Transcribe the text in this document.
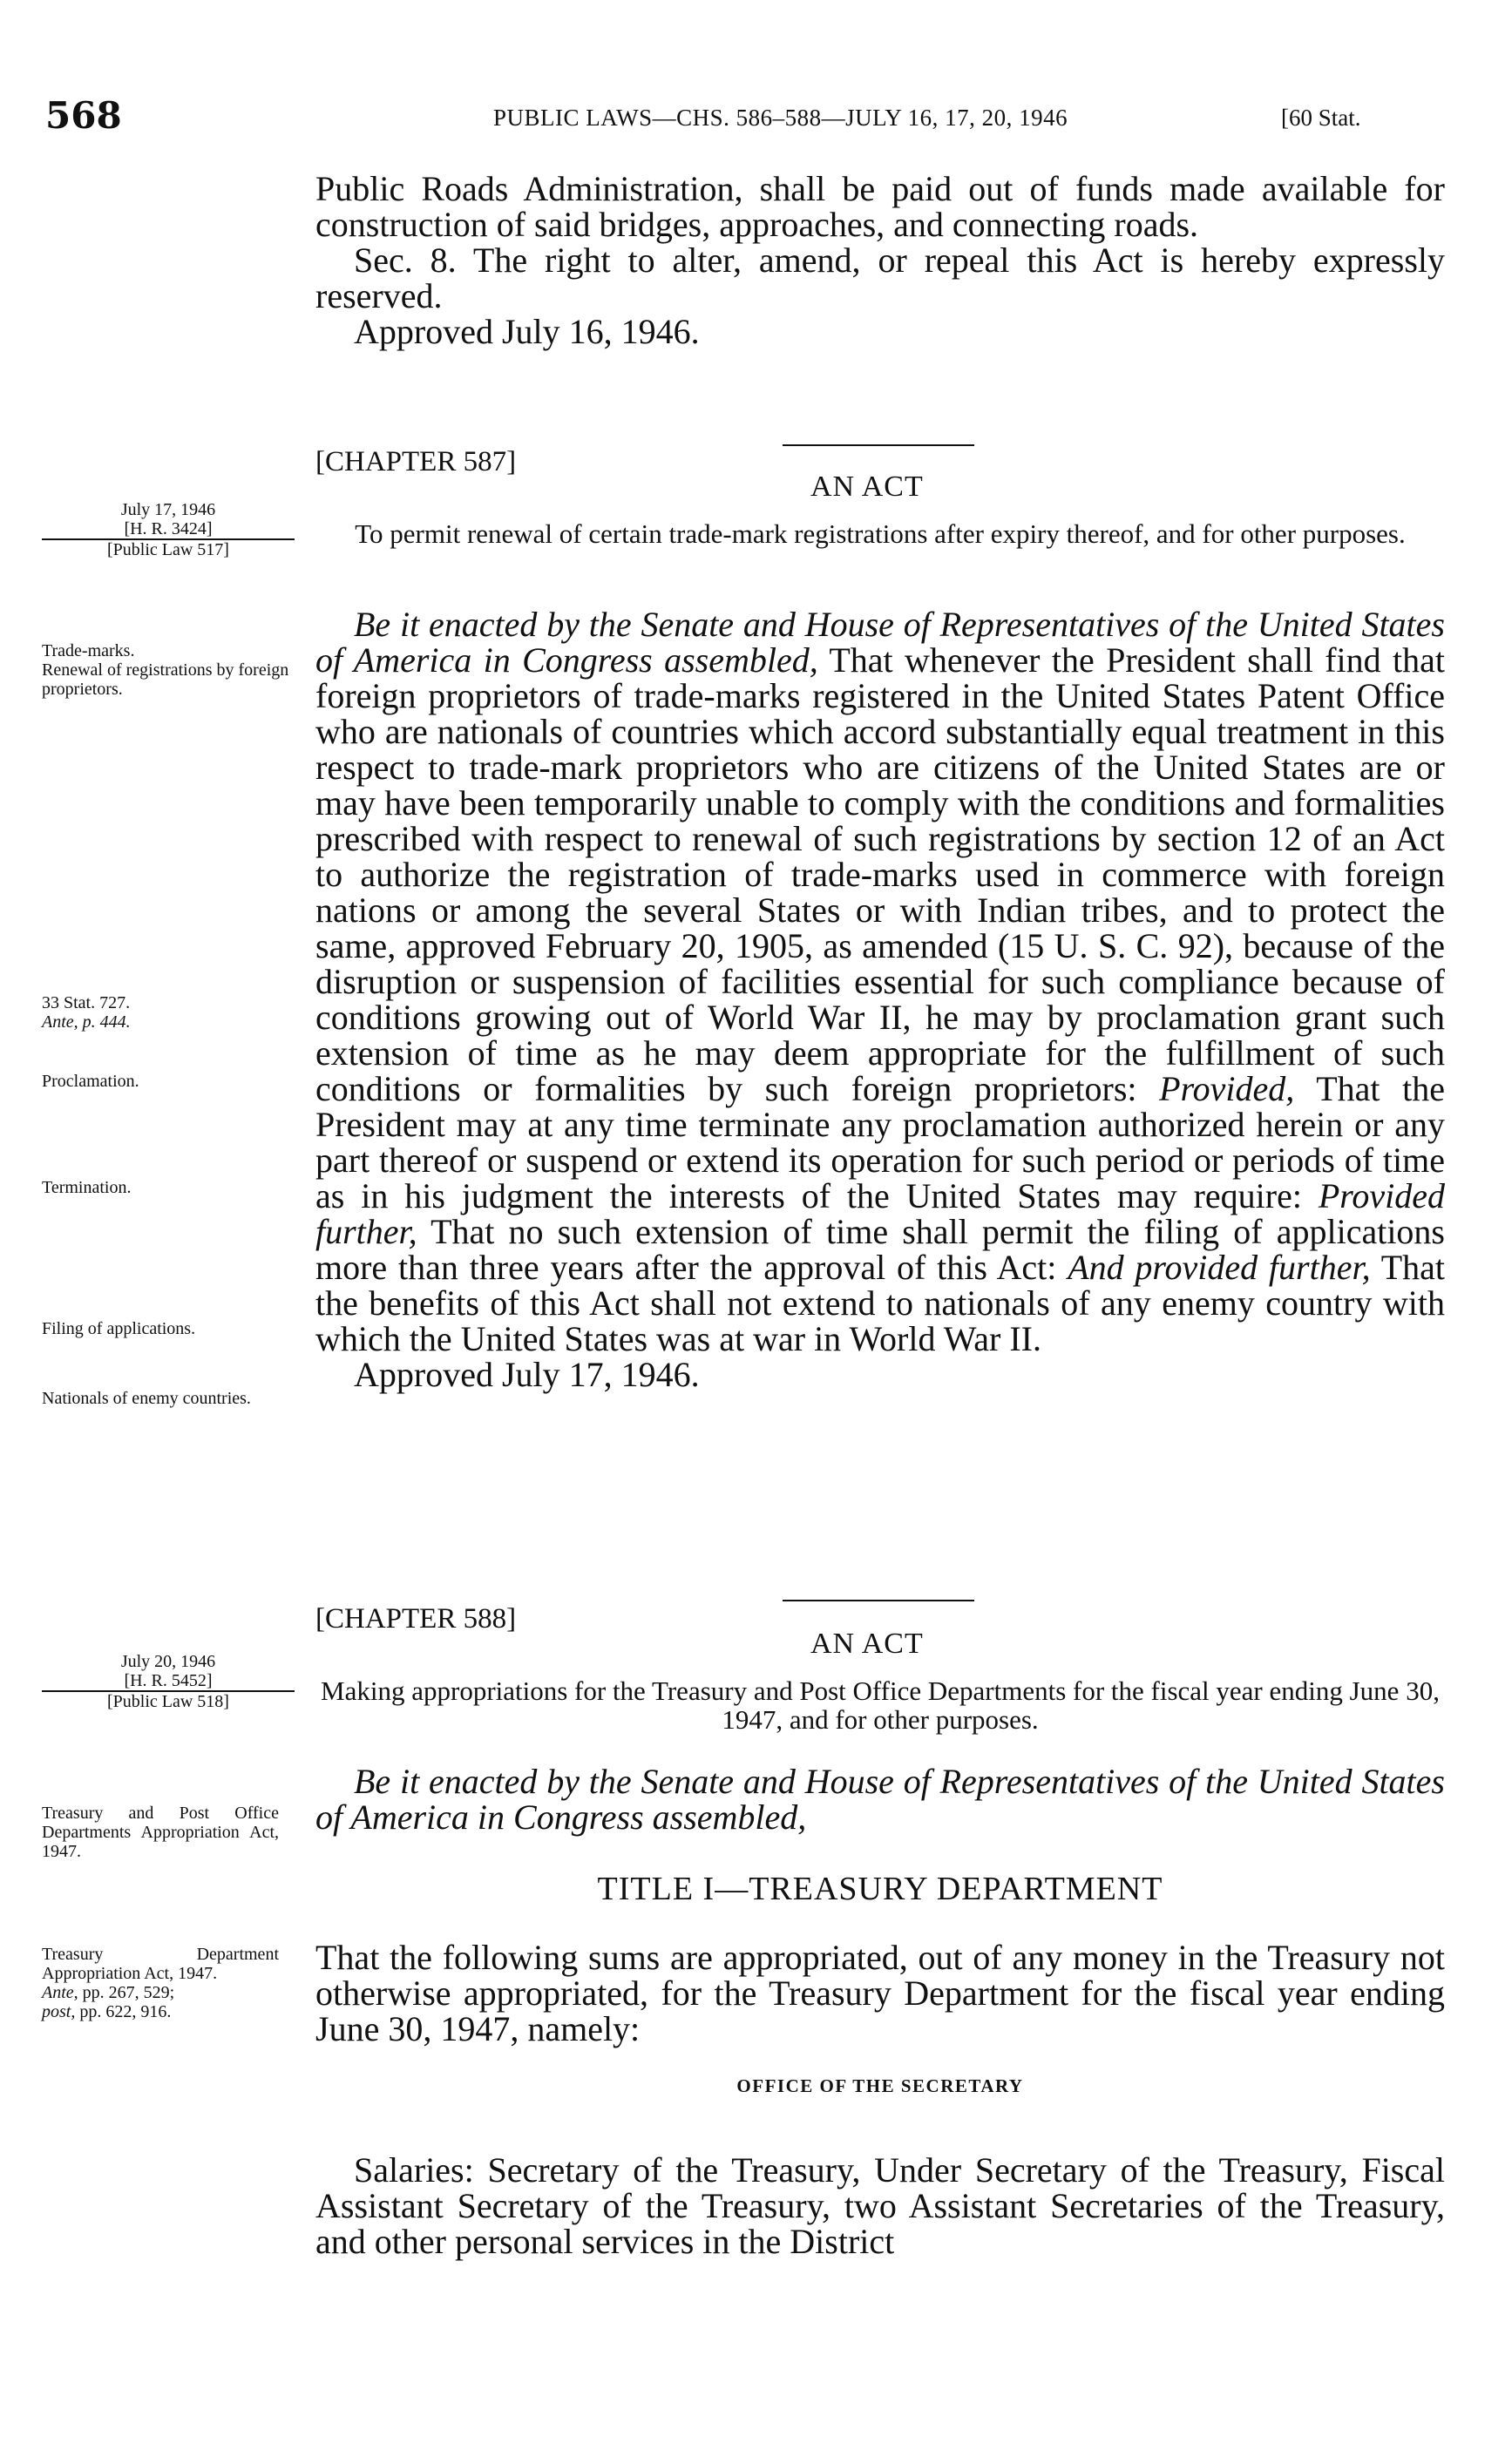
568	PUBLIC LAWS—CHS. 586–588—JULY 16, 17, 20, 1946	[60 Stat.

Public Roads Administration, shall be paid out of funds made available for construction of said bridges, approaches, and connecting roads.

Sec. 8. The right to alter, amend, or repeal this Act is hereby expressly reserved.

Approved July 16, 1946.

[CHAPTER 587]
AN ACT
To permit renewal of certain trade-mark registrations after expiry thereof, and for other purposes.
July 17, 1946
[H. R. 3424]
[Public Law 517]

Be it enacted by the Senate and House of Representatives of the United States of America in Congress assembled, That whenever the President shall find that foreign proprietors of trade-marks registered in the United States Patent Office who are nationals of countries which accord substantially equal treatment in this respect to trade-mark proprietors who are citizens of the United States are or may have been temporarily unable to comply with the conditions and formalities prescribed with respect to renewal of such registrations by section 12 of an Act to authorize the registration of trade-marks used in commerce with foreign nations or among the several States or with Indian tribes, and to protect the same, approved February 20, 1905, as amended (15 U. S. C. 92), because of the disruption or suspension of facilities essential for such compliance because of conditions growing out of World War II, he may by proclamation grant such extension of time as he may deem appropriate for the fulfillment of such conditions or formalities by such foreign proprietors: Provided, That the President may at any time terminate any proclamation authorized herein or any part thereof or suspend or extend its operation for such period or periods of time as in his judgment the interests of the United States may require: Provided further, That no such extension of time shall permit the filing of applications more than three years after the approval of this Act: And provided further, That the benefits of this Act shall not extend to nationals of any enemy country with which the United States was at war in World War II.

Approved July 17, 1946.

Trade-marks.
Renewal of registrations by foreign proprietors.
33 Stat. 727.
Ante, p. 444.
Proclamation.
Termination.
Filing of applications.
Nationals of enemy countries.
[CHAPTER 588]
AN ACT
Making appropriations for the Treasury and Post Office Departments for the fiscal year ending June 30, 1947, and for other purposes.
July 20, 1946
[H. R. 5452]
[Public Law 518]

Be it enacted by the Senate and House of Representatives of the United States of America in Congress assembled,

TITLE I—TREASURY DEPARTMENT

That the following sums are appropriated, out of any money in the Treasury not otherwise appropriated, for the Treasury Department for the fiscal year ending June 30, 1947, namely:

OFFICE OF THE SECRETARY

Salaries: Secretary of the Treasury, Under Secretary of the Treasury, Fiscal Assistant Secretary of the Treasury, two Assistant Secretaries of the Treasury, and other personal services in the District

Treasury and Post Office Departments Appropriation Act, 1947.
Treasury Department Appropriation Act, 1947.
Ante, pp. 267, 529;
post, pp. 622, 916.
